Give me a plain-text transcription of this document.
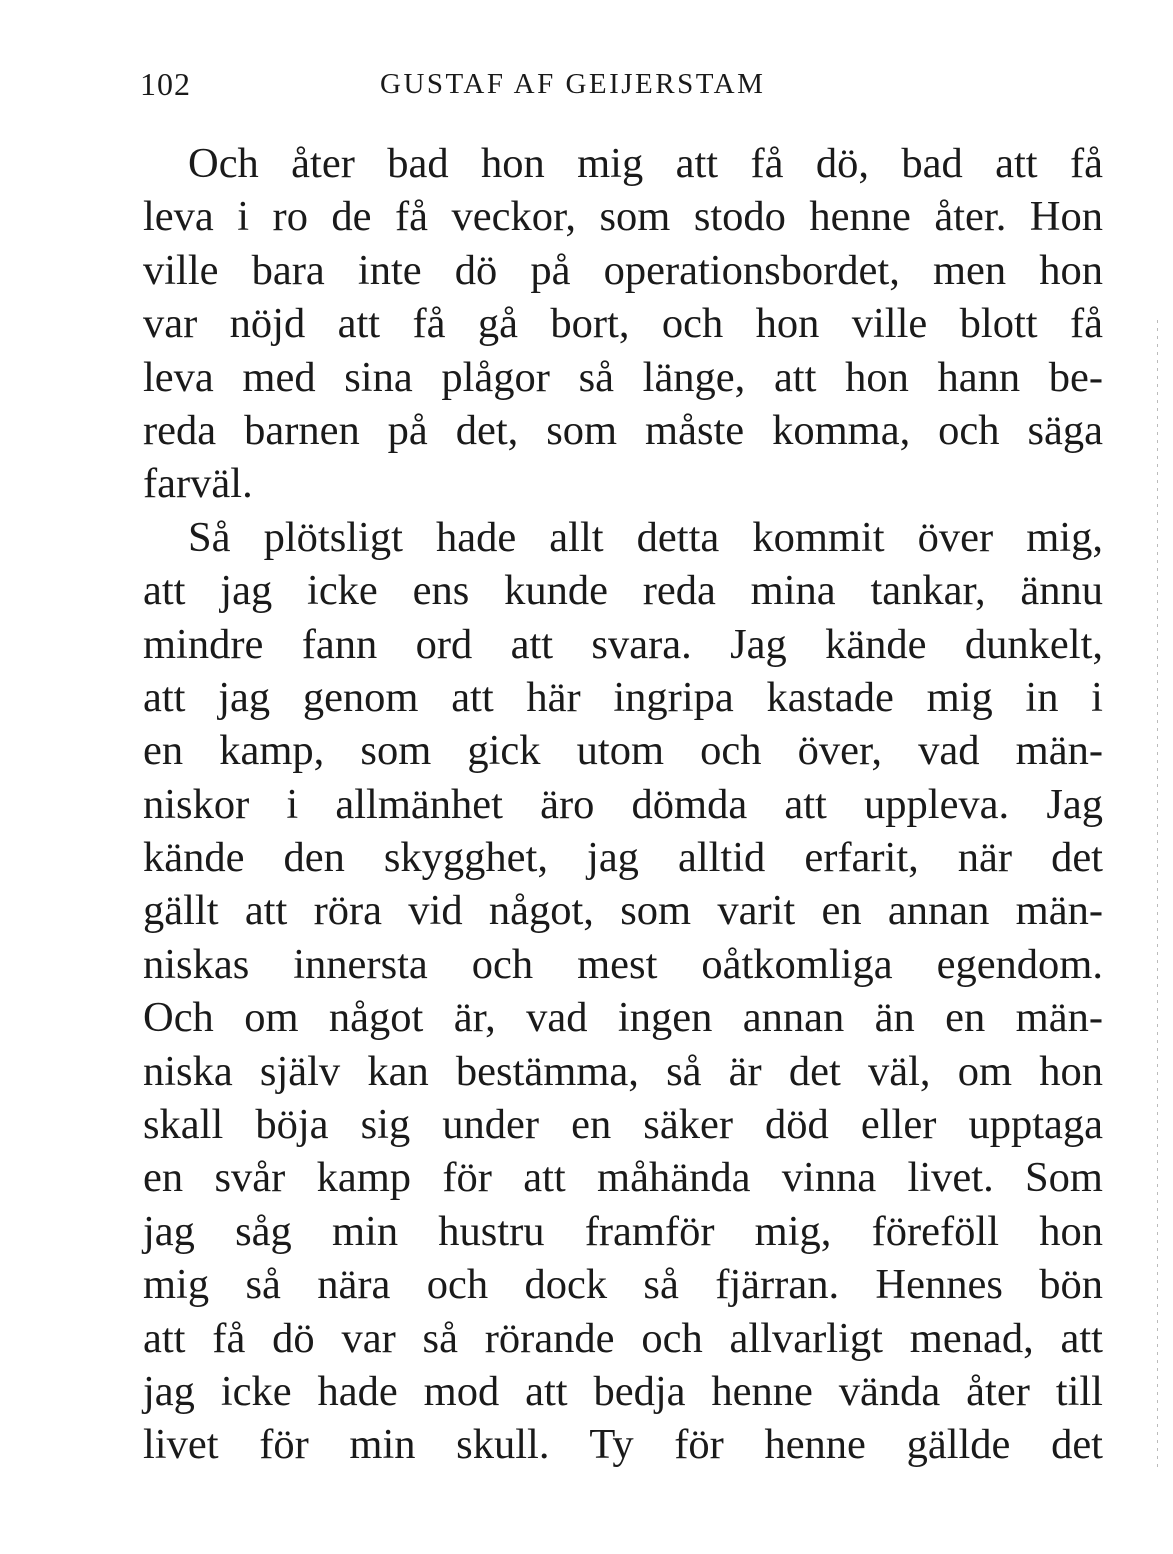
102	GUSTAF AF GEIJERSTAM
Och åter bad hon mig att få dö, bad att få
leva i ro de få veckor, som stodo henne åter. Hon
ville bara inte dö på operationsbordet, men hon
var nöjd att få gå bort, och hon ville blott få
leva med sina plågor så länge, att hon hann be-
reda barnen på det, som måste komma, och säga
farväl.
Så plötsligt hade allt detta kommit över mig,
att jag icke ens kunde reda mina tankar, ännu
mindre fann ord att svara. Jag kände dunkelt,
att jag genom att här ingripa kastade mig in i
en kamp, som gick utom och över, vad män-
niskor i allmänhet äro dömda att uppleva. Jag
kände den skygghet, jag alltid erfarit, när det
gällt att röra vid något, som varit en annan män-
niskas innersta och mest oåtkomliga egendom.
Och om något är, vad ingen annan än en män-
niska själv kan bestämma, så är det väl, om hon
skall böja sig under en säker död eller upptaga
en svår kamp för att måhända vinna livet. Som
jag såg min hustru framför mig, föreföll hon
mig så nära och dock så fjärran. Hennes bön
att få dö var så rörande och allvarligt menad, att
jag icke hade mod att bedja henne vända åter till
livet för min skull. Ty för henne gällde det
